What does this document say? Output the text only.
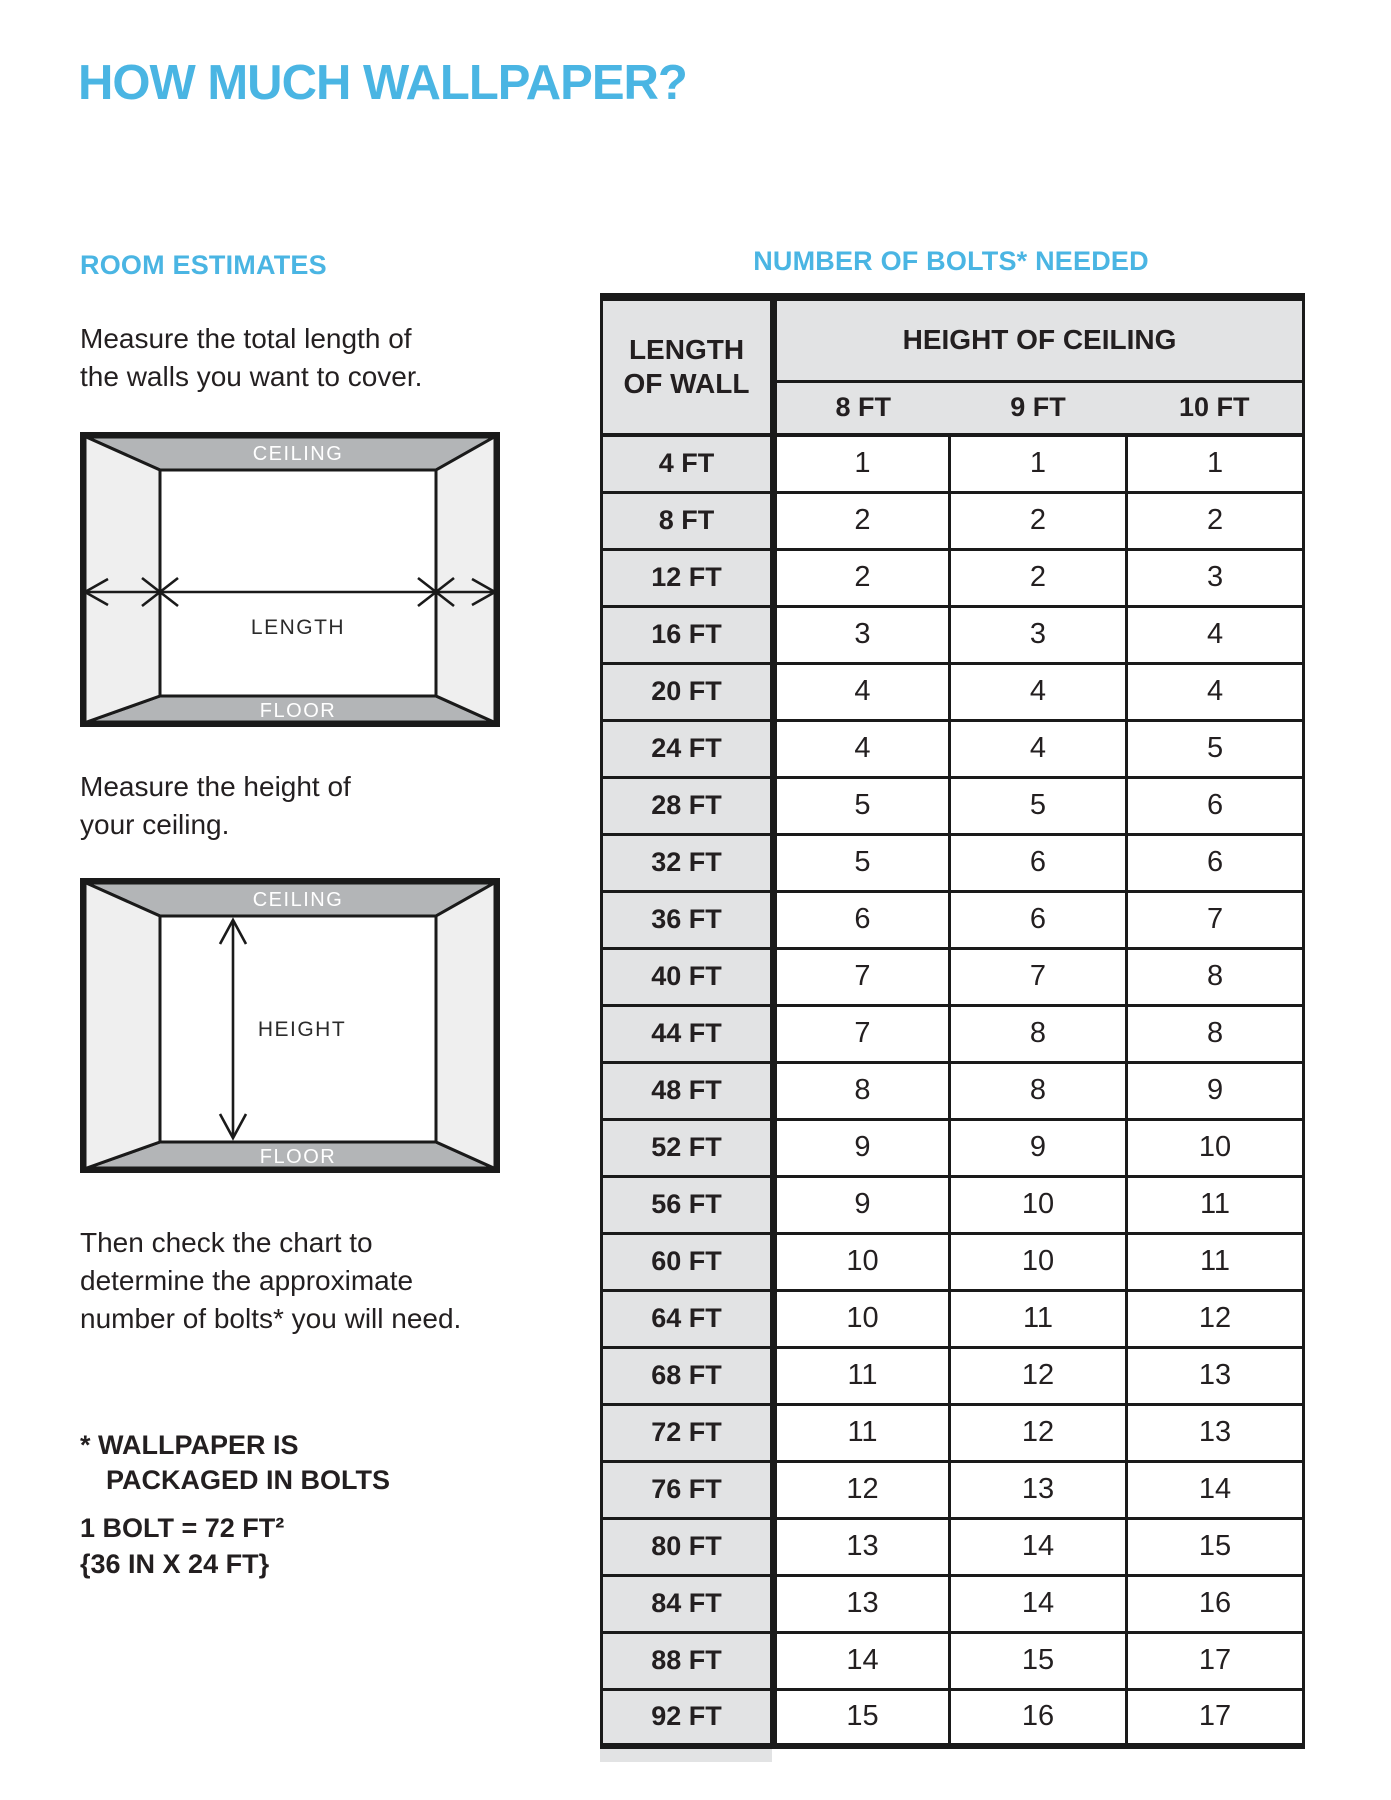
HOW MUCH WALLPAPER?
ROOM ESTIMATES
Measure the total length of
the walls you want to cover.
CEILING
FLOOR
LENGTH
Measure the height of
your ceiling.
CEILING
FLOOR
HEIGHT
Then check the chart to
determine the approximate
number of bolts* you will need.
* WALLPAPER IS
PACKAGED IN BOLTS
1 BOLT = 72 FT²
{36 IN X 24 FT}
NUMBER OF BOLTS* NEEDED
LENGTH
OF WALL	HEIGHT OF CEILING		
	8 FT	9 FT	10 FT
4 FT	1	1	1
8 FT	2	2	2
12 FT	2	2	3
16 FT	3	3	4
20 FT	4	4	4
24 FT	4	4	5
28 FT	5	5	6
32 FT	5	6	6
36 FT	6	6	7
40 FT	7	7	8
44 FT	7	8	8
48 FT	8	8	9
52 FT	9	9	10
56 FT	9	10	11
60 FT	10	10	11
64 FT	10	11	12
68 FT	11	12	13
72 FT	11	12	13
76 FT	12	13	14
80 FT	13	14	15
84 FT	13	14	16
88 FT	14	15	17
92 FT	15	16	17
